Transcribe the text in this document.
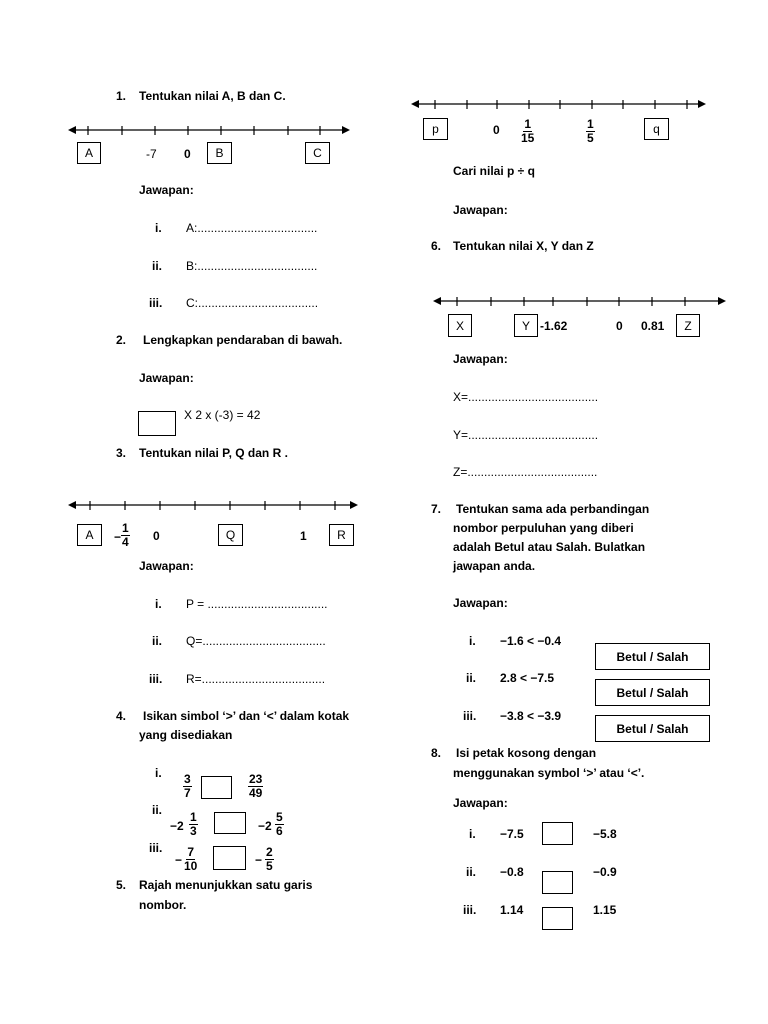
1. Tentukan nilai A, B dan C.
A	-7 0	B	C
Jawapan:
i. A:....................................
ii. B:....................................
iii. C:....................................
2. Lengkapkan pendaraban di bawah.
Jawapan:
X 2 x (-3) = 42
3. Tentukan nilai P, Q dan R .
A	− $\frac{1}{4} 0$	Q	1	R
Jawapan:
i. P = ....................................
ii. Q=.....................................
iii. R=.....................................
4. Isikan simbol ‘>’ dan ‘<’ dalam kotak
yang disediakan
i. $\frac{3}{7}$	$\frac{23}{49}$
ii.
$-2 \frac{1}{3}$	$-2 \frac{5}{6}$
iii.
− $\frac{7}{10}$	− $\frac{2}{5}$
5. Rajah menunjukkan satu garis
nombor.
p	$0 \frac{1}{15}$	$\frac{1}{5}$	q
Cari nilai p ÷ q
Jawapan:
6. Tentukan nilai X, Y dan Z
X	Y -1.62	0 0.81	Z
Jawapan:
X=.......................................
Y=.......................................
Z=.......................................
7. Tentukan sama ada perbandingan
nombor perpuluhan yang diberi
adalah Betul atau Salah. Bulatkan
jawapan anda.
Jawapan:
i. −1.6 < −0.4
Betul / Salah
ii. 2.8 < −7.5
Betul / Salah
iii. −3.8 < −3.9
Betul / Salah
8. Isi petak kosong dengan
menggunakan symbol ‘>’ atau ‘<’.
Jawapan:
i. −7.5	−5.8
ii. −0.8	−0.9
iii. 1.14	1.15
